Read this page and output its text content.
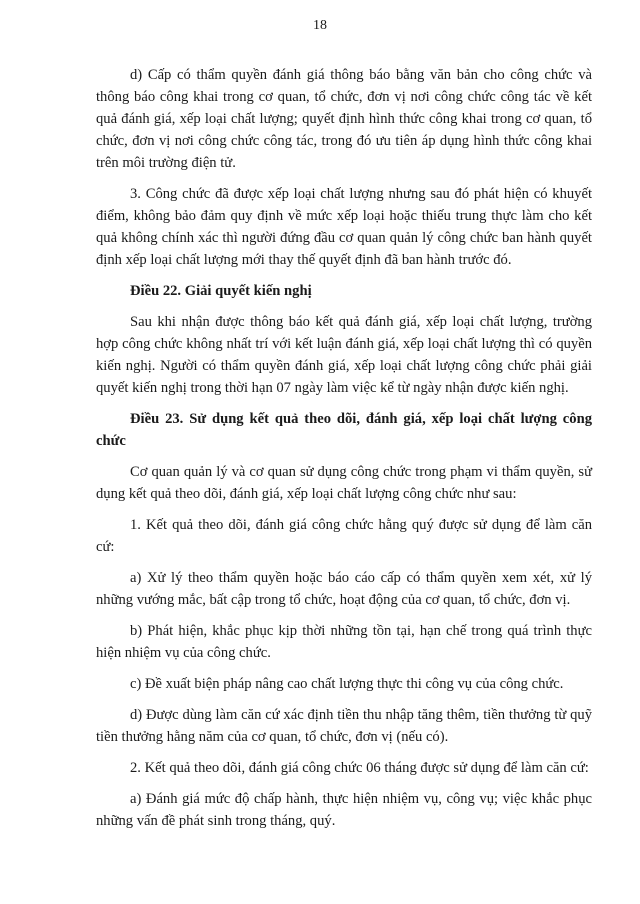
18

d) Cấp có thẩm quyền đánh giá thông báo bằng văn bản cho công chức và thông báo công khai trong cơ quan, tổ chức, đơn vị nơi công chức công tác về kết quả đánh giá, xếp loại chất lượng; quyết định hình thức công khai trong cơ quan, tổ chức, đơn vị nơi công chức công tác, trong đó ưu tiên áp dụng hình thức công khai trên môi trường điện tử.

3. Công chức đã được xếp loại chất lượng nhưng sau đó phát hiện có khuyết điểm, không bảo đảm quy định về mức xếp loại hoặc thiếu trung thực làm cho kết quả không chính xác thì người đứng đầu cơ quan quản lý công chức ban hành quyết định xếp loại chất lượng mới thay thế quyết định đã ban hành trước đó.

Điều 22. Giải quyết kiến nghị

Sau khi nhận được thông báo kết quả đánh giá, xếp loại chất lượng, trường hợp công chức không nhất trí với kết luận đánh giá, xếp loại chất lượng thì có quyền kiến nghị. Người có thẩm quyền đánh giá, xếp loại chất lượng công chức phải giải quyết kiến nghị trong thời hạn 07 ngày làm việc kể từ ngày nhận được kiến nghị.

Điều 23. Sử dụng kết quả theo dõi, đánh giá, xếp loại chất lượng công chức

Cơ quan quản lý và cơ quan sử dụng công chức trong phạm vi thẩm quyền, sử dụng kết quả theo dõi, đánh giá, xếp loại chất lượng công chức như sau:

1. Kết quả theo dõi, đánh giá công chức hằng quý được sử dụng để làm căn cứ:

a) Xử lý theo thẩm quyền hoặc báo cáo cấp có thẩm quyền xem xét, xử lý những vướng mắc, bất cập trong tổ chức, hoạt động của cơ quan, tổ chức, đơn vị.

b) Phát hiện, khắc phục kịp thời những tồn tại, hạn chế trong quá trình thực hiện nhiệm vụ của công chức.

c) Đề xuất biện pháp nâng cao chất lượng thực thi công vụ của công chức.

d) Được dùng làm căn cứ xác định tiền thu nhập tăng thêm, tiền thưởng từ quỹ tiền thưởng hằng năm của cơ quan, tổ chức, đơn vị (nếu có).

2. Kết quả theo dõi, đánh giá công chức 06 tháng được sử dụng để làm căn cứ:

a) Đánh giá mức độ chấp hành, thực hiện nhiệm vụ, công vụ; việc khắc phục những vấn đề phát sinh trong tháng, quý.
